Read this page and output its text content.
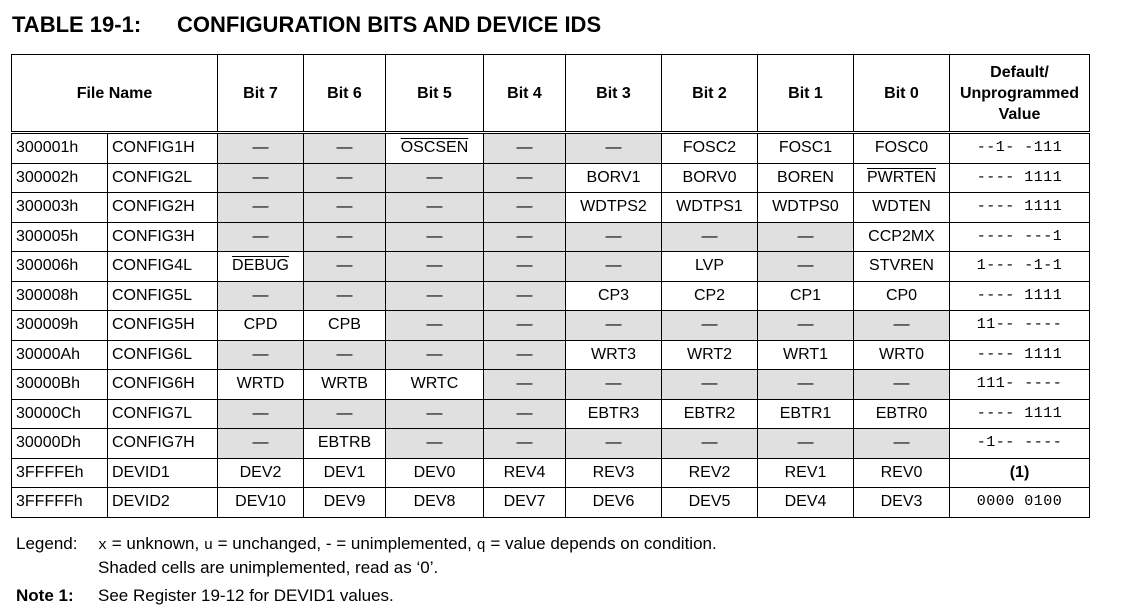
TABLE 19-1: CONFIGURATION BITS AND DEVICE IDS
File Name		Bit 7	Bit 6	Bit 5	Bit 4	Bit 3	Bit 2	Bit 1	Bit 0	Default/ Unprogrammed Value
300001h	CONFIG1H	—	—	OSCSEN	—	—	FOSC2	FOSC1	FOSC0	--1- -111
300002h	CONFIG2L	—	—	—	—	BORV1	BORV0	BOREN	PWRTEN	---- 1111
300003h	CONFIG2H	—	—	—	—	WDTPS2	WDTPS1	WDTPS0	WDTEN	---- 1111
300005h	CONFIG3H	—	—	—	—	—	—	—	CCP2MX	---- ---1
300006h	CONFIG4L	DEBUG	—	—	—	—	LVP	—	STVREN	1--- -1-1
300008h	CONFIG5L	—	—	—	—	CP3	CP2	CP1	CP0	---- 1111
300009h	CONFIG5H	CPD	CPB	—	—	—	—	—	—	11-- ----
30000Ah	CONFIG6L	—	—	—	—	WRT3	WRT2	WRT1	WRT0	---- 1111
30000Bh	CONFIG6H	WRTD	WRTB	WRTC	—	—	—	—	—	111- ----
30000Ch	CONFIG7L	—	—	—	—	EBTR3	EBTR2	EBTR1	EBTR0	---- 1111
30000Dh	CONFIG7H	—	EBTRB	—	—	—	—	—	—	-1-- ----
3FFFFEh	DEVID1	DEV2	DEV1	DEV0	REV4	REV3	REV2	REV1	REV0	(1)
3FFFFFh	DEVID2	DEV10	DEV9	DEV8	DEV7	DEV6	DEV5	DEV4	DEV3	0000 0100
Legend: x = unknown, u = unchanged, - = unimplemented, q = value depends on condition.
Shaded cells are unimplemented, read as ‘0’.
Note 1: See Register 19-12 for DEVID1 values.
